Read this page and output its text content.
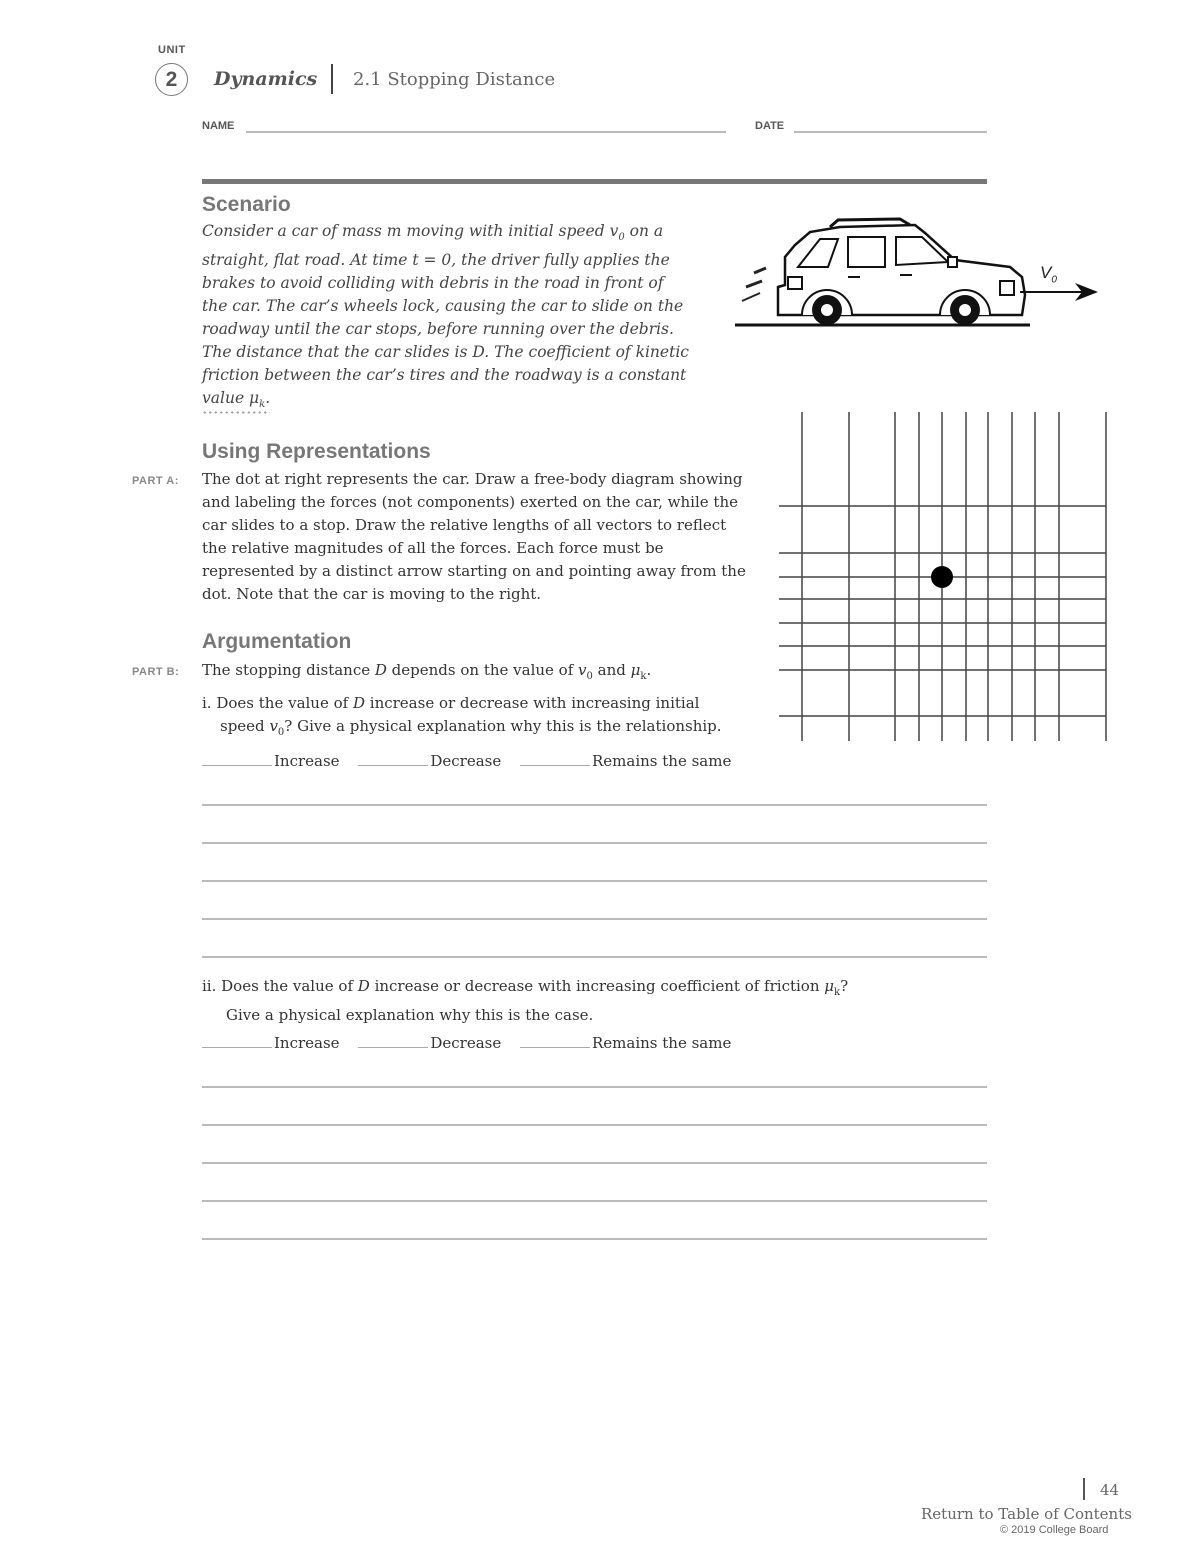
UNIT
2	Dynamics 2.1 Stopping Distance
NAME	DATE
Scenario
Consider a car of mass m moving with initial speed $v_0$ on a straight, flat road. At time t = 0, the driver fully applies the brakes to avoid colliding with debris in the road in front of the car. The car’s wheels lock, causing the car to slide on the roadway until the car stops, before running over the debris. The distance that the car slides is D. The coefficient of kinetic friction between the car’s tires and the roadway is a constant value $\mu_k$.
$V_0$
Using Representations
PART A: The dot at right represents the car. Draw a free-body diagram showing and labeling the forces (not components) exerted on the car, while the car slides to a stop. Draw the relative lengths of all vectors to reflect the relative magnitudes of all the forces. Each force must be represented by a distinct arrow starting on and pointing away from the dot. Note that the car is moving to the right.
Argumentation
PART B: The stopping distance D depends on the value of $v_0$ and $\mu_k$.
i. Does the value of D increase or decrease with increasing initial
speed $v_0$? Give a physical explanation why this is the relationship.
Increase	Decrease	Remains the same
ii. Does the value of D increase or decrease with increasing coefficient of friction $\mu_k$?
Give a physical explanation why this is the case.
Increase	Decrease	Remains the same
44
Return to Table of Contents
© 2019 College Board
